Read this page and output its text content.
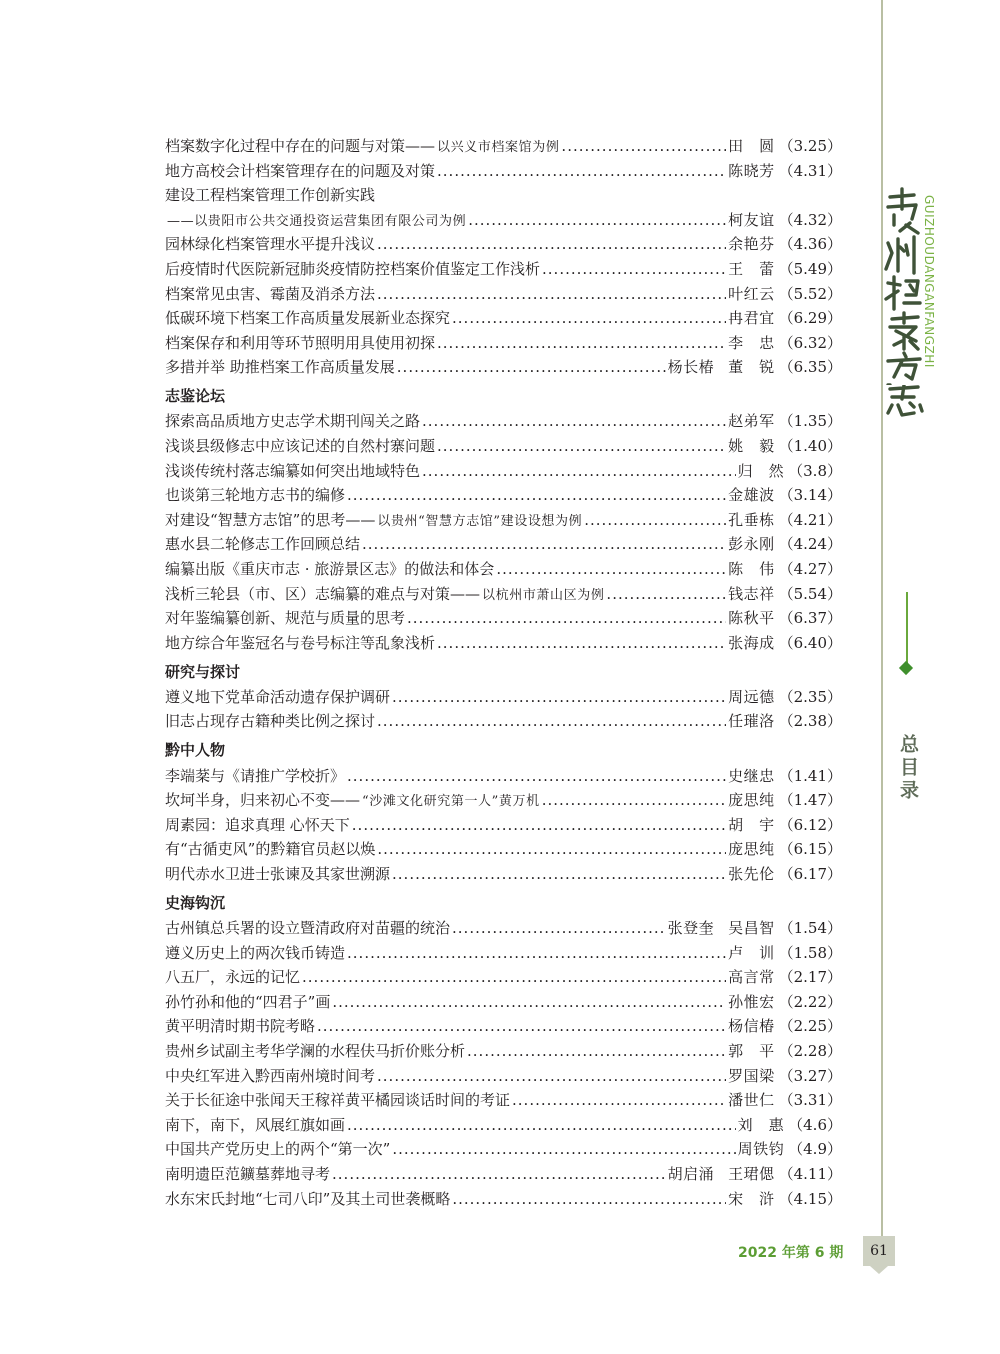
档案数字化过程中存在的问题与对策—— 以兴义市档案馆为例 .....	田　圆 （3.25）
地方高校会计档案管理存在的问题及对策 .....	陈晓芳 （4.31）
建设工程档案管理工作创新实践
——以贵阳市公共交通投资运营集团有限公司为例 .....	柯友谊 （4.32）
园林绿化档案管理水平提升浅议 .....	余艳芬 （4.36）
后疫情时代医院新冠肺炎疫情防控档案价值鉴定工作浅析 .....	王　蕾 （5.49）
档案常见虫害、霉菌及消杀方法 .....	叶红云 （5.52）
低碳环境下档案工作高质量发展新业态探究 .....	冉君宜 （6.29）
档案保存和利用等环节照明用具使用初探 .....	李　忠 （6.32）
多措并举 助推档案工作高质量发展 .....	杨长椿 董　锐 （6.35）
志鉴论坛
探索高品质地方史志学术期刊闯关之路 .....	赵弟军 （1.35）
浅谈县级修志中应该记述的自然村寨问题 .....	姚　毅 （1.40）
浅谈传统村落志编纂如何突出地域特色 .....	归　然 （3.8）
也谈第三轮地方志书的编修 .....	金雄波 （3.14）
对建设“智慧方志馆”的思考—— 以贵州“智慧方志馆”建设设想为例 .....	孔垂栋 （4.21）
惠水县二轮修志工作回顾总结 .....	彭永刚 （4.24）
编纂出版《重庆市志 · 旅游景区志》的做法和体会 .....	陈　伟 （4.27）
浅析三轮县（市、区）志编纂的难点与对策—— 以杭州市萧山区为例 .....	钱志祥 （5.54）
对年鉴编纂创新、规范与质量的思考 .....	陈秋平 （6.37）
地方综合年鉴冠名与卷号标注等乱象浅析 .....	张海成 （6.40）
研究与探讨
遵义地下党革命活动遗存保护调研 .....	周远德 （2.35）
旧志占现存古籍种类比例之探讨 .....	任璀洛 （2.38）
黔中人物
李端棻与《请推广学校折》 .....	史继忠 （1.41）
坎坷半身，归来初心不变—— “沙滩文化研究第一人”黄万机 .....	庞思纯 （1.47）
周素园：追求真理 心怀天下 .....	胡　宇 （6.12）
有“古循吏风”的黔籍官员赵以焕 .....	庞思纯 （6.15）
明代赤水卫进士张谏及其家世溯源 .....	张先伦 （6.17）
史海钩沉
古州镇总兵署的设立暨清政府对苗疆的统治 .....	张登奎 吴昌智 （1.54）
遵义历史上的两次钱币铸造 .....	卢　训 （1.58）
八五厂，永远的记忆 .....	高言常 （2.17）
孙竹孙和他的“四君子”画 .....	孙惟宏 （2.22）
黄平明清时期书院考略 .....	杨信椿 （2.25）
贵州乡试副主考华学澜的水程伕马折价账分析 .....	郭　平 （2.28）
中央红军进入黔西南州境时间考 .....	罗国梁 （3.27）
关于长征途中张闻天王稼祥黄平橘园谈话时间的考证 .....	潘世仁 （3.31）
南下，南下，风展红旗如画 .....	刘　惠 （4.6）
中国共产党历史上的两个“第一次” .....	周铁钧 （4.9）
南明遗臣范鑛墓葬地寻考 .....	胡启涌 王珺偲 （4.11）
水东宋氏封地“七司八印”及其土司世袭概略 .....	宋　浒 （4.15）
GUIZHOUDANGANFANGZHI
总目录
2022 年第 6 期	61
